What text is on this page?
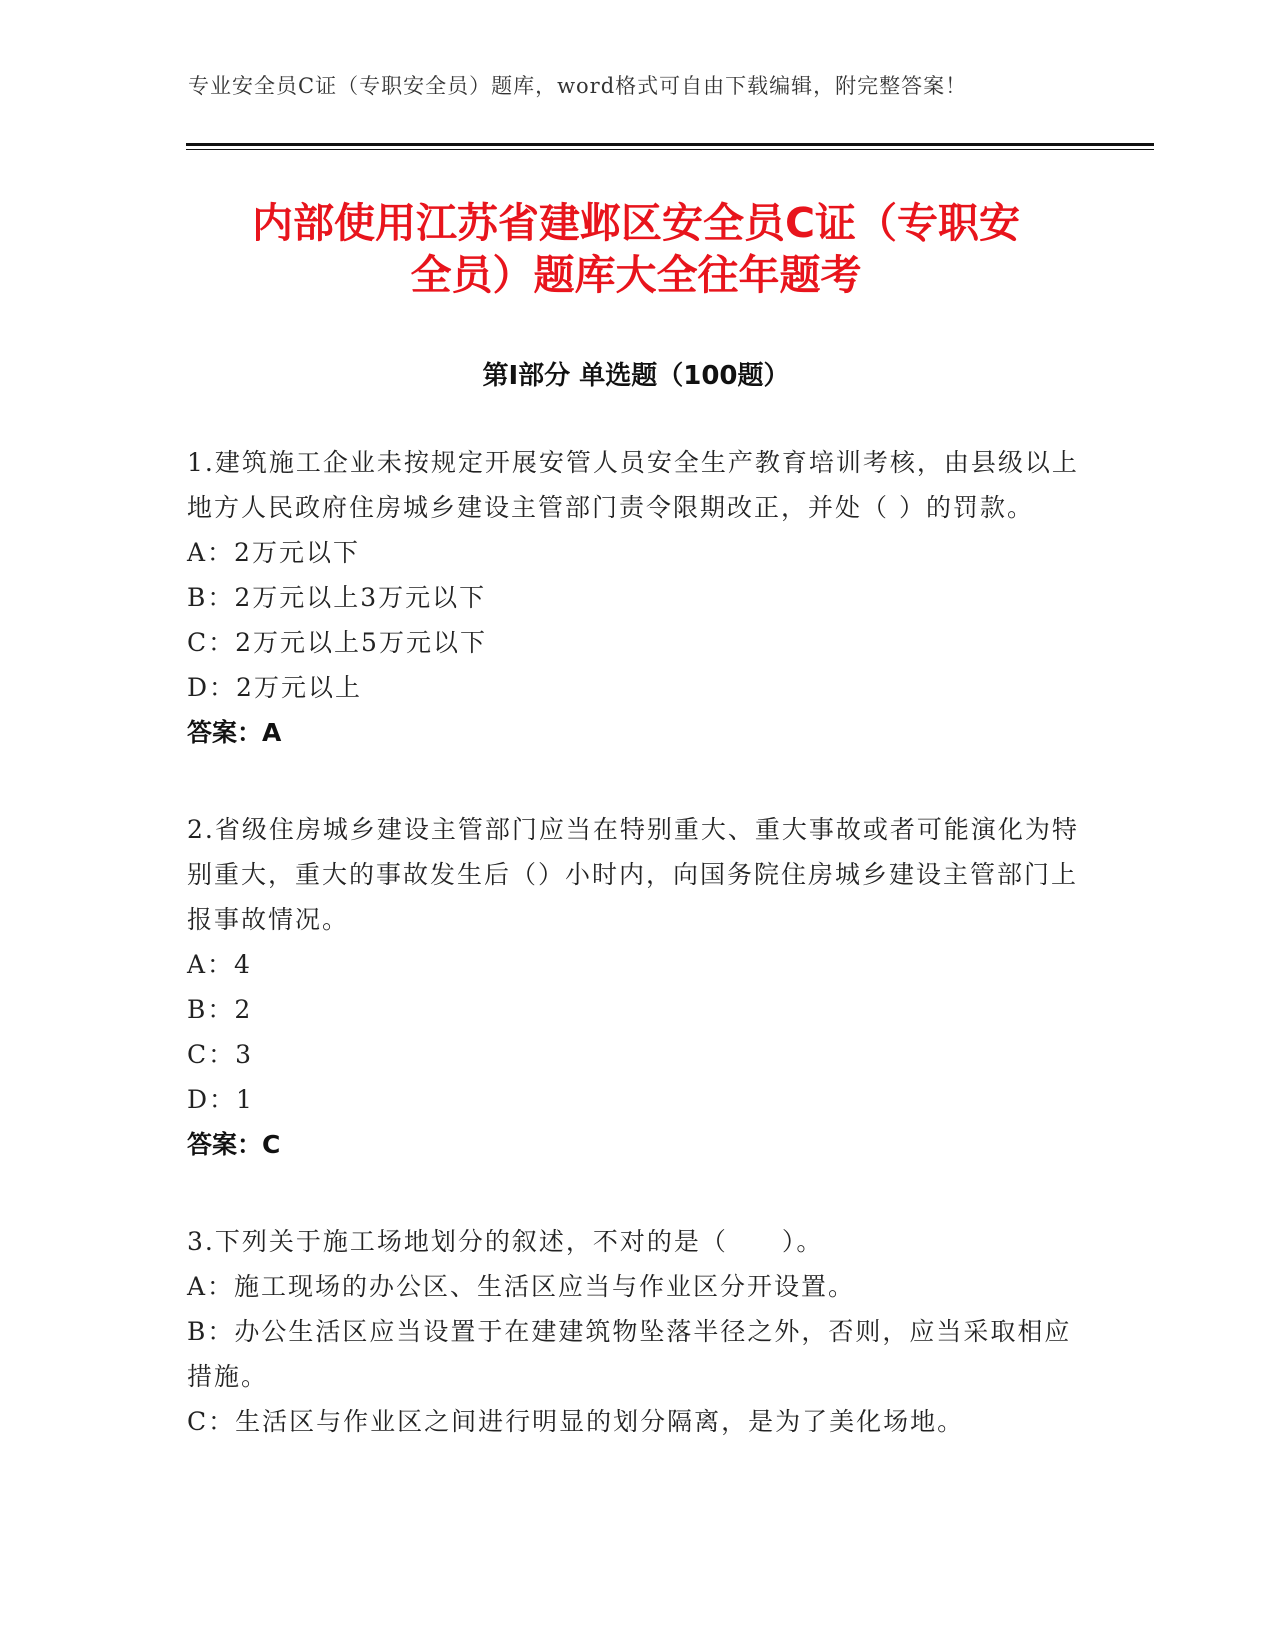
专业安全员C证（专职安全员）题库，word格式可自由下载编辑，附完整答案！
内部使用江苏省建邺区安全员C证（专职安
全员）题库大全往年题考
第Ⅰ部分 单选题（100题）
1.建筑施工企业未按规定开展安管人员安全生产教育培训考核，由县级以上地方人民政府住房城乡建设主管部门责令限期改正，并处（ ）的罚款。
A：2万元以下
B：2万元以上3万元以下
C：2万元以上5万元以下
D：2万元以上
答案：A
2.省级住房城乡建设主管部门应当在特别重大、重大事故或者可能演化为特别重大，重大的事故发生后（）小时内，向国务院住房城乡建设主管部门上报事故情况。
A：4
B：2
C：3
D：1
答案：C
3.下列关于施工场地划分的叙述，不对的是（　　）。
A：施工现场的办公区、生活区应当与作业区分开设置。
B：办公生活区应当设置于在建建筑物坠落半径之外，否则，应当采取相应措施。
C：生活区与作业区之间进行明显的划分隔离，是为了美化场地。
